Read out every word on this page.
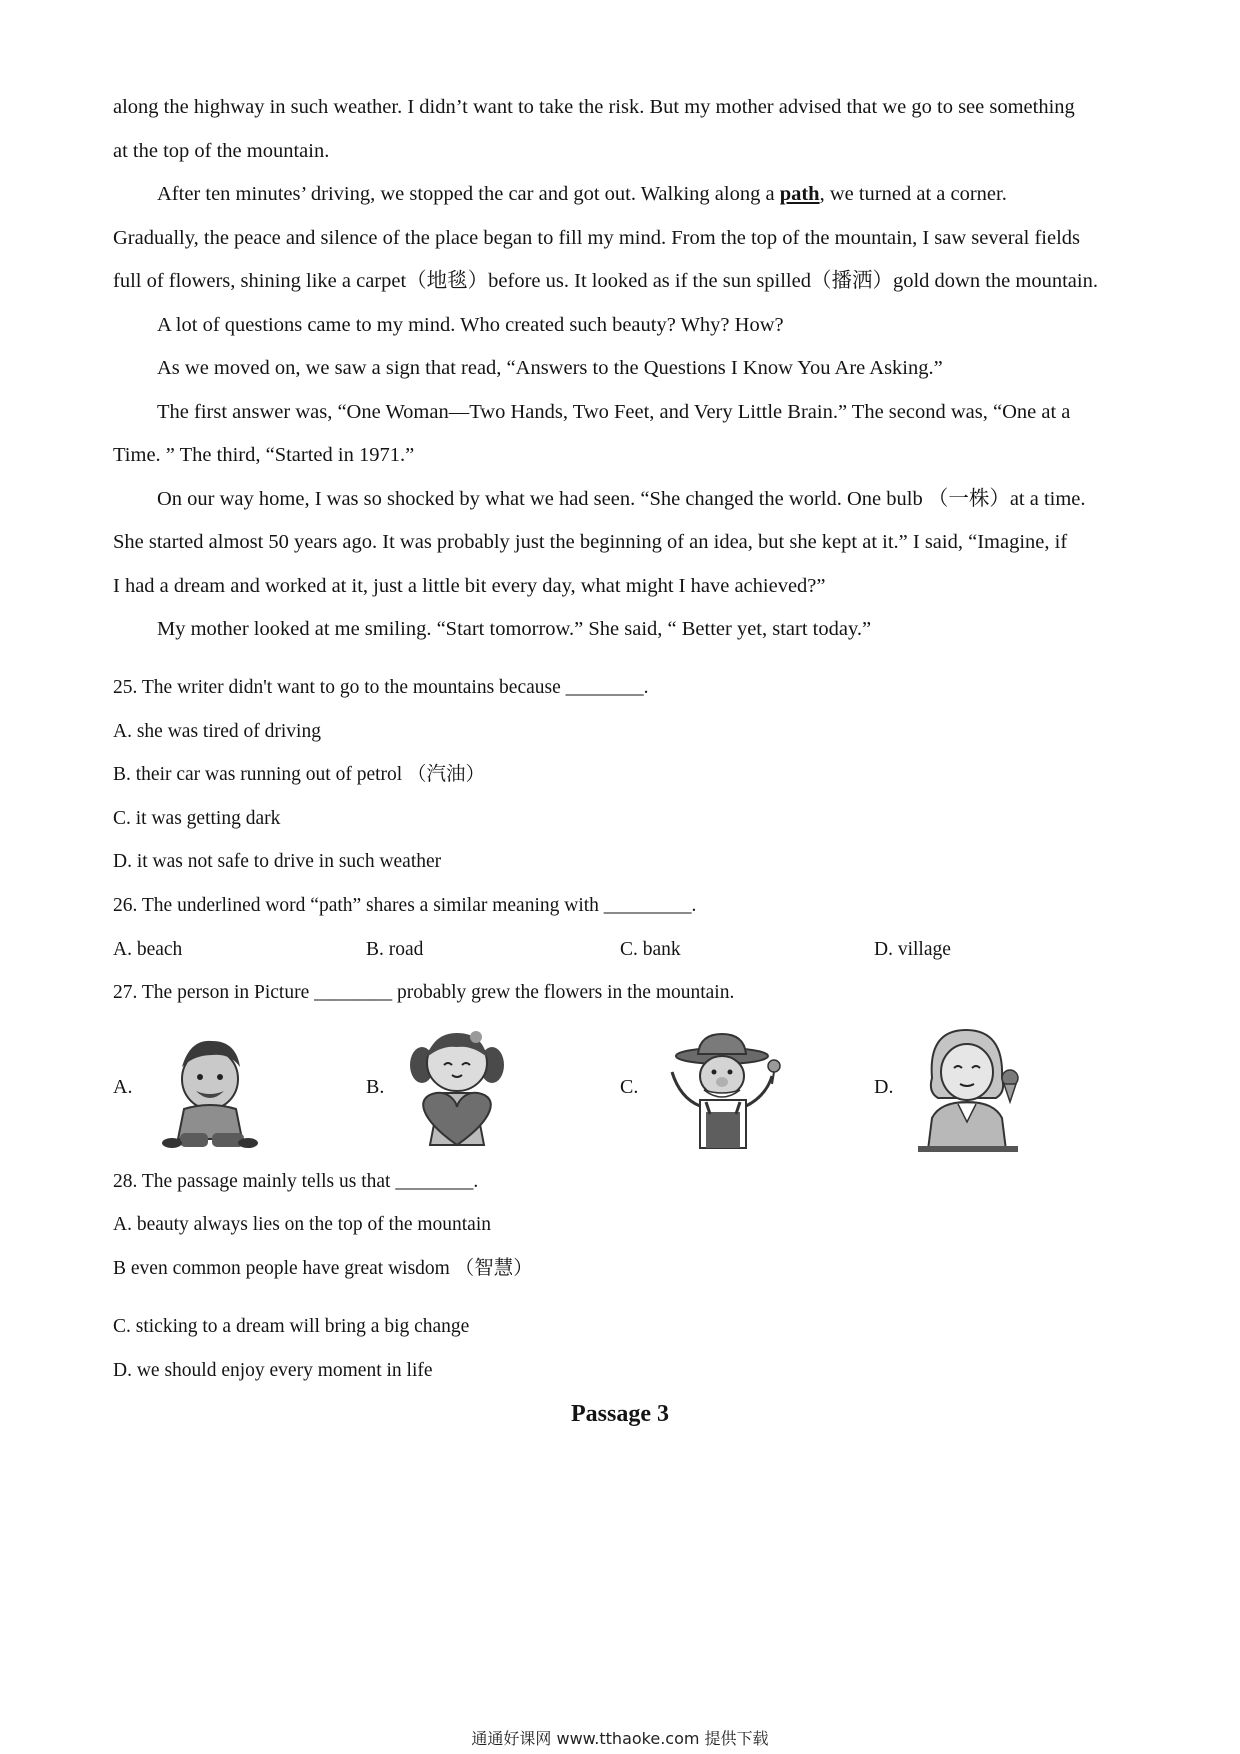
along the highway in such weather. I didn’t want to take the risk. But my mother advised that we go to see something
at the top of the mountain.
After ten minutes’ driving, we stopped the car and got out. Walking along a path, we turned at a corner.
Gradually, the peace and silence of the place began to fill my mind. From the top of the mountain, I saw several fields
full of flowers, shining like a carpet（地毯）before us. It looked as if the sun spilled（播洒）gold down the mountain.
A lot of questions came to my mind. Who created such beauty? Why? How?
As we moved on, we saw a sign that read, “Answers to the Questions I Know You Are Asking.”
The first answer was, “One Woman—Two Hands, Two Feet, and Very Little Brain.” The second was, “One at a
Time. ” The third, “Started in 1971.”
On our way home, I was so shocked by what we had seen. “She changed the world. One bulb （一株）at a time.
She started almost 50 years ago. It was probably just the beginning of an idea, but she kept at it.” I said, “Imagine, if
I had a dream and worked at it, just a little bit every day, what might I have achieved?”
My mother looked at me smiling. “Start tomorrow.” She said, “ Better yet, start today.”
25. The writer didn't want to go to the mountains because ________.
A. she was tired of driving
B. their car was running out of petrol （汽油）
C. it was getting dark
D. it was not safe to drive in such weather
26. The underlined word “path” shares a similar meaning with _________.
A. beach	B. road	C. bank	D. village
27. The person in Picture ________ probably grew the flowers in the mountain.
A.	B.	C.	D.
28. The passage mainly tells us that ________.
A. beauty always lies on the top of the mountain
B even common people have great wisdom （智慧）
C. sticking to a dream will bring a big change
D. we should enjoy every moment in life
Passage 3
通通好课网 www.tthaoke.com 提供下载
